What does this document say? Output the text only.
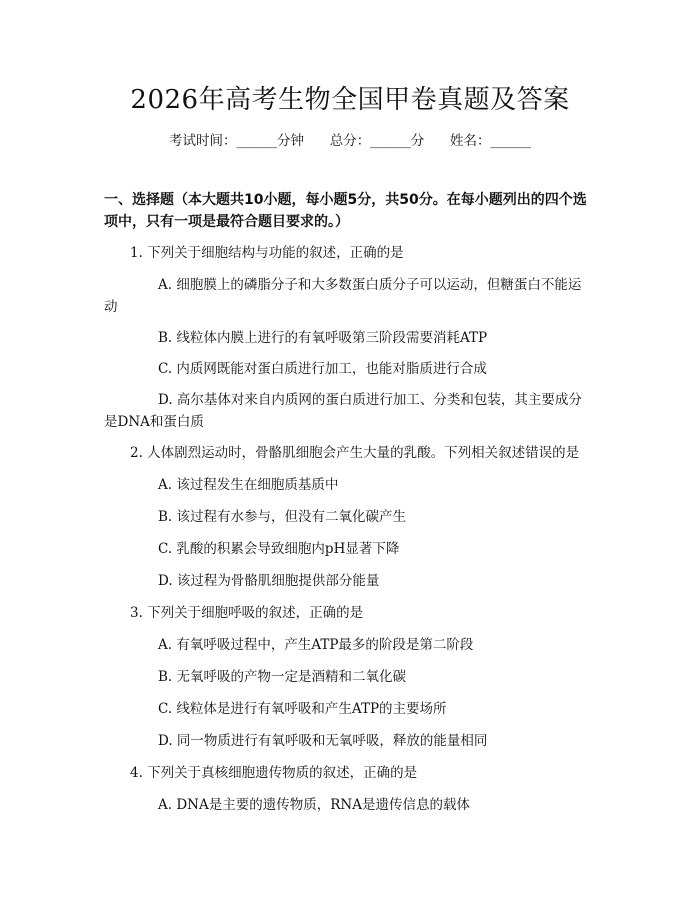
2026年高考生物全国甲卷真题及答案
考试时间：______分钟      总分：______分      姓名：______
一、选择题（本大题共10小题，每小题5分，共50分。在每小题列出的四个选
项中，只有一项是最符合题目要求的。）
1. 下列关于细胞结构与功能的叙述，正确的是
A. 细胞膜上的磷脂分子和大多数蛋白质分子可以运动，但糖蛋白不能运
动
B. 线粒体内膜上进行的有氧呼吸第三阶段需要消耗ATP
C. 内质网既能对蛋白质进行加工，也能对脂质进行合成
D. 高尔基体对来自内质网的蛋白质进行加工、分类和包装，其主要成分
是DNA和蛋白质
2. 人体剧烈运动时，骨骼肌细胞会产生大量的乳酸。下列相关叙述错误的是
A. 该过程发生在细胞质基质中
B. 该过程有水参与，但没有二氧化碳产生
C. 乳酸的积累会导致细胞内pH显著下降
D. 该过程为骨骼肌细胞提供部分能量
3. 下列关于细胞呼吸的叙述，正确的是
A. 有氧呼吸过程中，产生ATP最多的阶段是第二阶段
B. 无氧呼吸的产物一定是酒精和二氧化碳
C. 线粒体是进行有氧呼吸和产生ATP的主要场所
D. 同一物质进行有氧呼吸和无氧呼吸，释放的能量相同
4. 下列关于真核细胞遗传物质的叙述，正确的是
A. DNA是主要的遗传物质，RNA是遗传信息的载体
